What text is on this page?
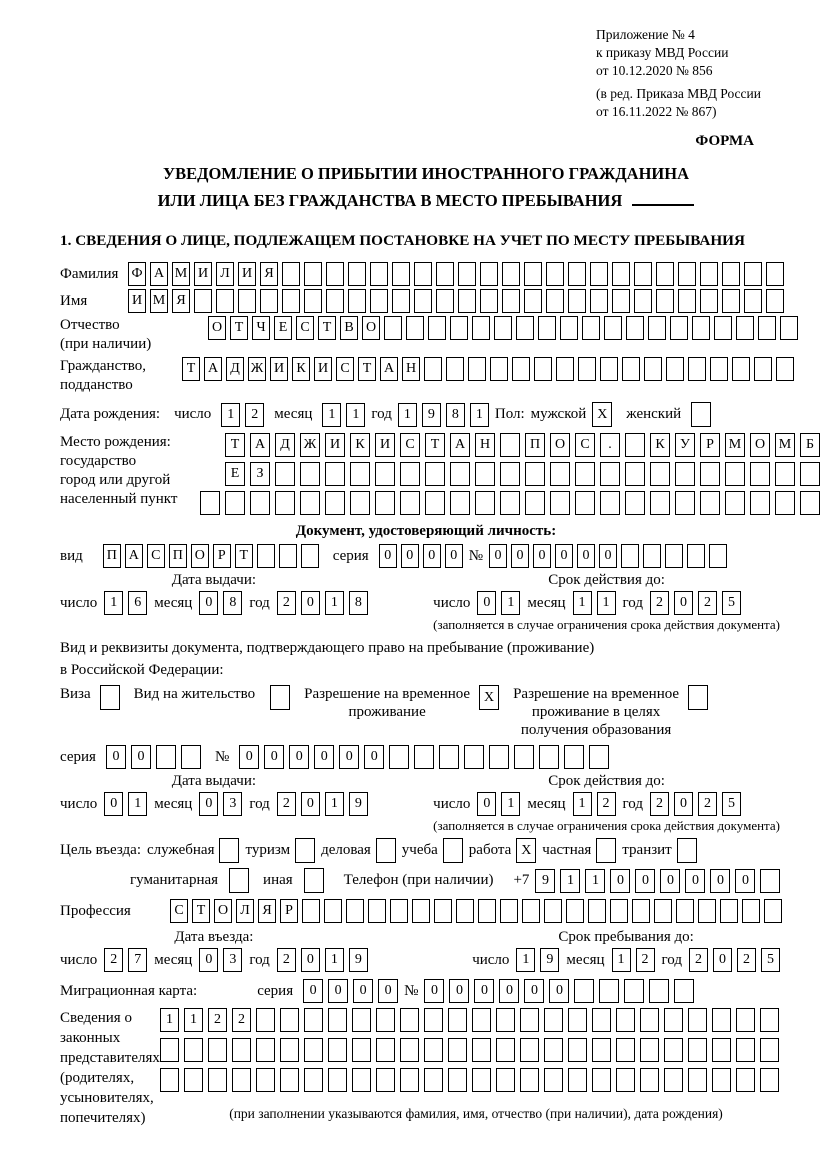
Приложение № 4
к приказу МВД России
от 10.12.2020 № 856
(в ред. Приказа МВД России
от 16.11.2022 № 867)
ФОРМА
УВЕДОМЛЕНИЕ О ПРИБЫТИИ ИНОСТРАННОГО ГРАЖДАНИНА
ИЛИ ЛИЦА БЕЗ ГРАЖДАНСТВА В МЕСТО ПРЕБЫВАНИЯ
1. СВЕДЕНИЯ О ЛИЦЕ, ПОДЛЕЖАЩЕМ ПОСТАНОВКЕ НА УЧЕТ ПО МЕСТУ ПРЕБЫВАНИЯ
Фамилия Ф А М И Л И Я
Имя	И М Я
Отчество
(при наличии)
О Т Ч Е С Т В О
Гражданство,
подданство
Т А Д Ж И К И С Т А Н
Дата рождения: число	1	2	месяц	1	1 год 1	9	8	1 Пол: мужской X	женский
Место рождения:
государство
город или другой
населенный пункт
Т	А	Д Ж И	К	И	С	Т	А	Н	П	О	С	.	К	У	Р	М О М	Б
Е	З
Документ, удостоверяющий личность:
вид П А С П О Р Т	серия	0	0	0	0 № 0	0	0	0	0	0
Дата выдачи:
число 1	6 месяц 0	8 год 2	0	1	8
Срок действия до:
число 0	1 месяц 1	1 год 2	0	2	5
(заполняется в случае ограничения срока действия документа)
Вид и реквизиты документа, подтверждающего право на пребывание (проживание)
в Российской Федерации:
Виза	Вид на жительство	Разрешение на временное
проживание
X	Разрешение на временное
проживание в целях
получения образования
серия	0	0	№	0	0	0	0	0	0
Дата выдачи:
число 0	1 месяц 0	3 год 2	0	1	9
Срок действия до:
число 0	1 месяц 1	2 год 2	0	2	5
(заполняется в случае ограничения срока действия документа)
Цель въезда: служебная туризм деловая учеба работа X частная транзит
гуманитарная	иная	Телефон (при наличии) +7 9	1	1	0	0	0	0	0	0
Профессия	С Т О Л Я Р
Дата въезда:
число 2	7 месяц 0	3 год 2	0	1	9
Срок пребывания до:
число 1	9 месяц 1	2 год 2	0	2	5
Миграционная карта:	серия	0	0	0	0 № 0	0	0	0	0	0
Сведения о
законных
представителях
(родителях,
усыновителях,
попечителях)
1	1	2	2
(при заполнении указываются фамилия, имя, отчество (при наличии), дата рождения)
